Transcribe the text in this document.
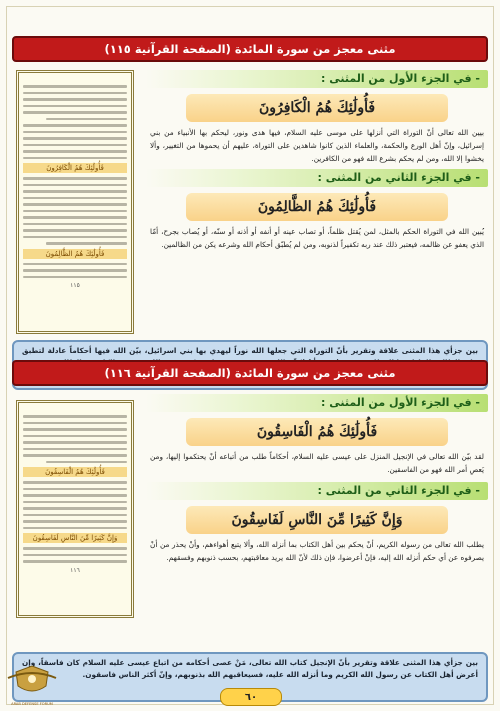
مثنى معجز من سورة المائدة (الصفحة القرآنية ١١٥)
فَأُولَٰئِكَ هُمُ الْكَافِرُونَ
فَأُولَٰئِكَ هُمُ الظَّالِمُونَ
١١٥
- في الجزء الأول من المثنى :
فَأُولَٰئِكَ هُمُ الْكَافِرُونَ
بيين الله تعالى أنّ التوراة التي أنزلها على موسى عليه السلام، فيها هدى ونور، ليحكم بها الأنبياء من بني إسرائيل، وإنّ أهل الورع والحكمة، والعلماء الذين كانوا شاهدين على التوراة، عليهم أن يحموها من التغيير، وألا يخشوا إلا الله، ومن لم يحكم بشرع الله فهو من الكافرين.
- في الجزء الثاني من المثنى :
فَأُولَٰئِكَ هُمُ الظَّالِمُونَ
يُبين الله في التوراة الحكم بالمثل، لمن يُقتل ظلماً، أو تصاب عينه أو أنفه أو أذنه أو سنّه، أو يُصاب بجرح، أمّا الذي يعفو عن ظالمه، فيعتبر ذلك عند ربه تكفيراً لذنوبه، ومن لم يُطبّق أحكام الله وشرعه يكن من الظالمين.
بين جزأي هذا المثنى علاقة وتقرير بأنّ التوراة التي جعلها الله نوراً ليهدي بها بني اسرائيل، بيّن الله فيها أحكاماً عادلة لتطبق
مثنى معجز من سورة المائدة (الصفحة القرآنية ١١٦)
فَأُولَٰئِكَ هُمُ الْفَاسِقُونَ
وَإِنَّ كَثِيرًا مِّنَ النَّاسِ لَفَاسِقُونَ
١١٦
- في الجزء الأول من المثنى :
فَأُولَٰئِكَ هُمُ الْفَاسِقُونَ
لقد بيّن الله تعالى في الإنجيل المنزل على عيسى عليه السلام، أحكاماً طلب من أتباعه أنْ يحتكموا إليها، ومن يَعصِ أمر الله فهو من الفاسقين.
- في الجزء الثاني من المثنى :
وَإِنَّ كَثِيرًا مِّنَ النَّاسِ لَفَاسِقُونَ
يطلب الله تعالى من رسوله الكريم، أنْ يحكم بين أهل الكتاب بما أنزله الله، وألا يتبع أهواءهم، وأنْ يحذر من أنْ يصرفوه عن أي حكم أنزله الله إليه، فإنْ أعرضوا، فإن ذلك لأنّ الله يريد معاقبتهم، بحسب ذنوبهم وفسقهم.
بين جزأي هذا المثنى علاقة وتقرير بأنّ الإنجيل كتاب الله تعالى، مَنْ عصى أحكامه من اتباع عيسى عليه السلام كان فاسقاً، وإن أعرض أهل الكتاب عن رسول الله الكريم وما أنزله الله عليه، فسيعاقبهم الله بذنوبهم، وإنّ أكثر الناس فاسقون.
ARAB DEFENSE FORUM
٦٠
